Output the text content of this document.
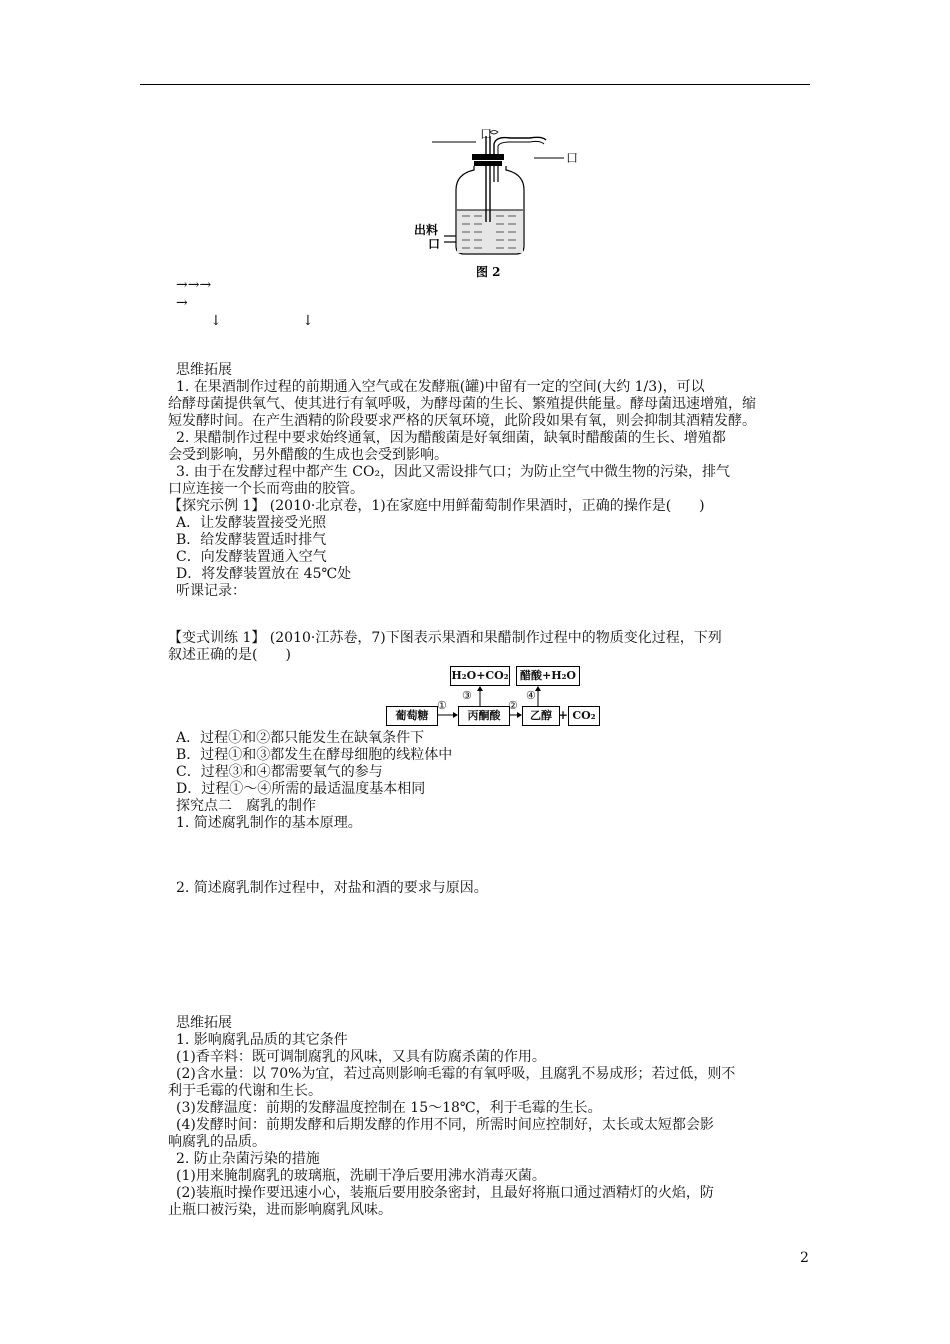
口
口
出料
口
图 2
→→→
→
↓	↓
思维拓展
1. 在果酒制作过程的前期通入空气或在发酵瓶(罐)中留有一定的空间(大约 1/3)，可以
给酵母菌提供氧气、使其进行有氧呼吸，为酵母菌的生长、繁殖提供能量。酵母菌迅速增殖，缩
短发酵时间。在产生酒精的阶段要求严格的厌氧环境，此阶段如果有氧，则会抑制其酒精发酵。
2. 果醋制作过程中要求始终通氧，因为醋酸菌是好氧细菌，缺氧时醋酸菌的生长、增殖都
会受到影响，另外醋酸的生成也会受到影响。
3. 由于在发酵过程中都产生 CO₂，因此又需设排气口；为防止空气中微生物的污染，排气
口应连接一个长而弯曲的胶管。
【探究示例 1】 (2010·北京卷，1)在家庭中用鲜葡萄制作果酒时，正确的操作是(　　)
A．让发酵装置接受光照
B．给发酵装置适时排气
C．向发酵装置通入空气
D．将发酵装置放在 45℃处
听课记录：
【变式训练 1】 (2010·江苏卷，7)下图表示果酒和果醋制作过程中的物质变化过程，下列
叙述正确的是(　　)
H₂O+CO₂	醋酸+H₂O
葡萄糖	丙酮酸	乙醇 + CO₂
①	②
③	④
A．过程①和②都只能发生在缺氧条件下
B．过程①和③都发生在酵母细胞的线粒体中
C．过程③和④都需要氧气的参与
D．过程①～④所需的最适温度基本相同
探究点二　腐乳的制作
1. 简述腐乳制作的基本原理。
2. 简述腐乳制作过程中，对盐和酒的要求与原因。
思维拓展
1. 影响腐乳品质的其它条件
(1)香辛料：既可调制腐乳的风味，又具有防腐杀菌的作用。
(2)含水量：以 70%为宜，若过高则影响毛霉的有氧呼吸，且腐乳不易成形；若过低，则不
利于毛霉的代谢和生长。
(3)发酵温度：前期的发酵温度控制在 15～18℃，利于毛霉的生长。
(4)发酵时间：前期发酵和后期发酵的作用不同，所需时间应控制好，太长或太短都会影
响腐乳的品质。
2. 防止杂菌污染的措施
(1)用来腌制腐乳的玻璃瓶，洗刷干净后要用沸水消毒灭菌。
(2)装瓶时操作要迅速小心，装瓶后要用胶条密封，且最好将瓶口通过酒精灯的火焰，防
止瓶口被污染，进而影响腐乳风味。
2
